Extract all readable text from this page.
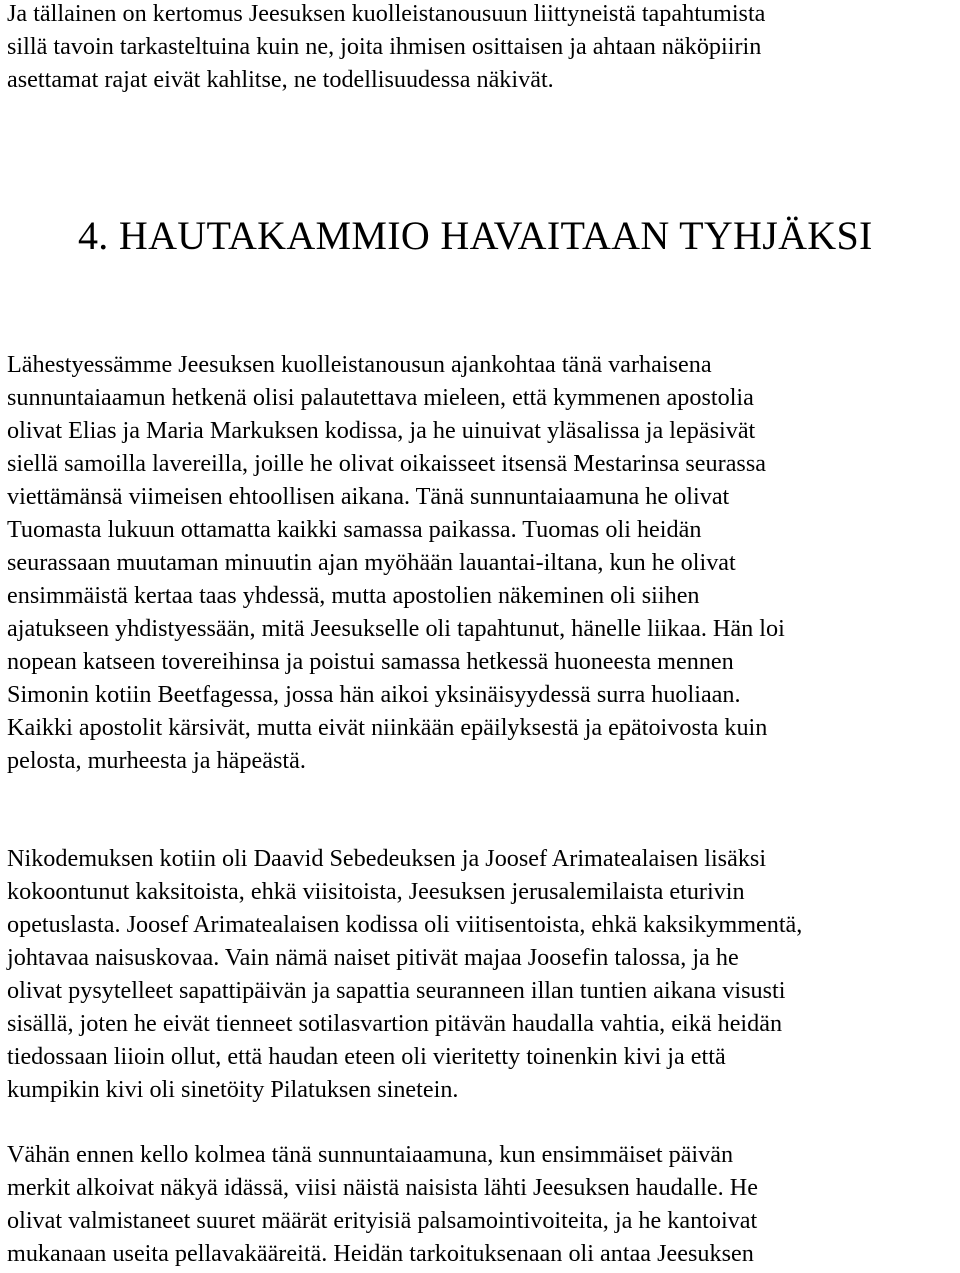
Ja tällainen on kertomus Jeesuksen kuolleistanousuun liittyneistä tapahtumista
sillä tavoin tarkasteltuina kuin ne, joita ihmisen osittaisen ja ahtaan näköpiirin
asettamat rajat eivät kahlitse, ne todellisuudessa näkivät.

4. HAUTAKAMMIO HAVAITAAN TYHJÄKSI

Lähestyessämme Jeesuksen kuolleistanousun ajankohtaa tänä varhaisena
sunnuntaiaamun hetkenä olisi palautettava mieleen, että kymmenen apostolia
olivat Elias ja Maria Markuksen kodissa, ja he uinuivat yläsalissa ja lepäsivät
siellä samoilla lavereilla, joille he olivat oikaisseet itsensä Mestarinsa seurassa
viettämänsä viimeisen ehtoollisen aikana. Tänä sunnuntaiaamuna he olivat
Tuomasta lukuun ottamatta kaikki samassa paikassa. Tuomas oli heidän
seurassaan muutaman minuutin ajan myöhään lauantai-iltana, kun he olivat
ensimmäistä kertaa taas yhdessä, mutta apostolien näkeminen oli siihen
ajatukseen yhdistyessään, mitä Jeesukselle oli tapahtunut, hänelle liikaa. Hän loi
nopean katseen tovereihinsa ja poistui samassa hetkessä huoneesta mennen
Simonin kotiin Beetfagessa, jossa hän aikoi yksinäisyydessä surra huoliaan.
Kaikki apostolit kärsivät, mutta eivät niinkään epäilyksestä ja epätoivosta kuin
pelosta, murheesta ja häpeästä.

Nikodemuksen kotiin oli Daavid Sebedeuksen ja Joosef Arimatealaisen lisäksi
kokoontunut kaksitoista, ehkä viisitoista, Jeesuksen jerusalemilaista eturivin
opetuslasta. Joosef Arimatealaisen kodissa oli viitisentoista, ehkä kaksikymmentä,
johtavaa naisuskovaa. Vain nämä naiset pitivät majaa Joosefin talossa, ja he
olivat pysytelleet sapattipäivän ja sapattia seuranneen illan tuntien aikana visusti
sisällä, joten he eivät tienneet sotilasvartion pitävän haudalla vahtia, eikä heidän
tiedossaan liioin ollut, että haudan eteen oli vieritetty toinenkin kivi ja että
kumpikin kivi oli sinetöity Pilatuksen sinetein.

Vähän ennen kello kolmea tänä sunnuntaiaamuna, kun ensimmäiset päivän
merkit alkoivat näkyä idässä, viisi näistä naisista lähti Jeesuksen haudalle. He
olivat valmistaneet suuret määrät erityisiä palsamointivoiteita, ja he kantoivat
mukanaan useita pellavakääreitä. Heidän tarkoituksenaan oli antaa Jeesuksen
